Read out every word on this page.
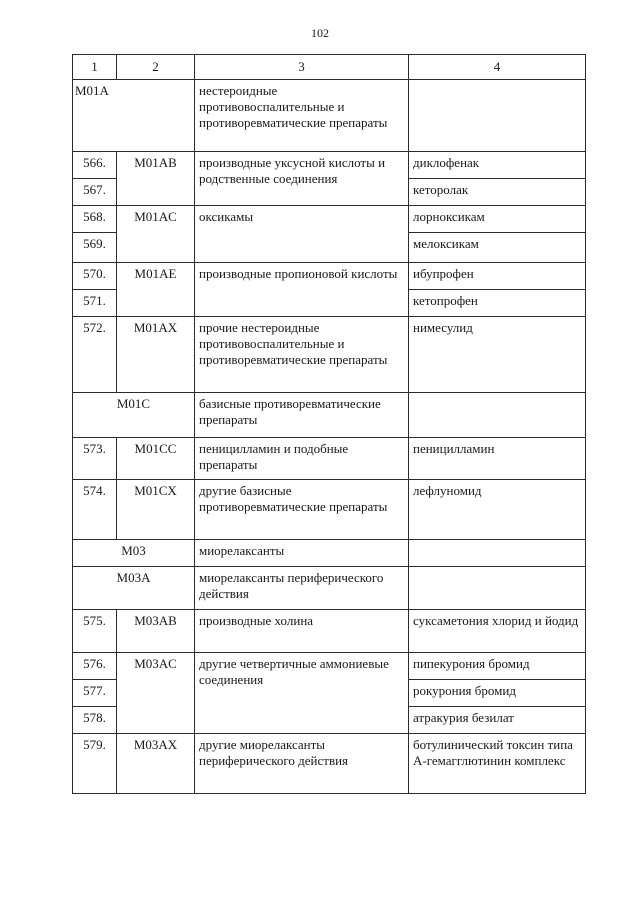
102
1	2	3	4
M01A		нестероидные противовоспалительные и противоревматические препараты	
566.	M01AB	производные уксусной кислоты и родственные соединения	диклофенак
567.			кеторолак
568.	M01AC	оксикамы	лорноксикам
569.			мелоксикам
570.	M01AE	производные пропионовой кислоты	ибупрофен
571.			кетопрофен
572.	M01AX	прочие нестероидные противовоспалительные и противоревматические препараты	нимесулид
M01C		базисные противоревматические препараты	
573.	M01CC	пеницилламин и подобные препараты	пеницилламин
574.	M01CX	другие базисные противоревматические препараты	лефлуномид
M03		миорелаксанты	
M03A		миорелаксанты периферического действия	
575.	M03AB	производные холина	суксаметония хлорид и йодид
576.	M03AC	другие четвертичные аммониевые соединения	пипекурония бромид
577.			рокурония бромид
578.			атракурия безилат
579.	M03AX	другие миорелаксанты периферического действия	ботулинический токсин типа А-гемагглютинин комплекс
